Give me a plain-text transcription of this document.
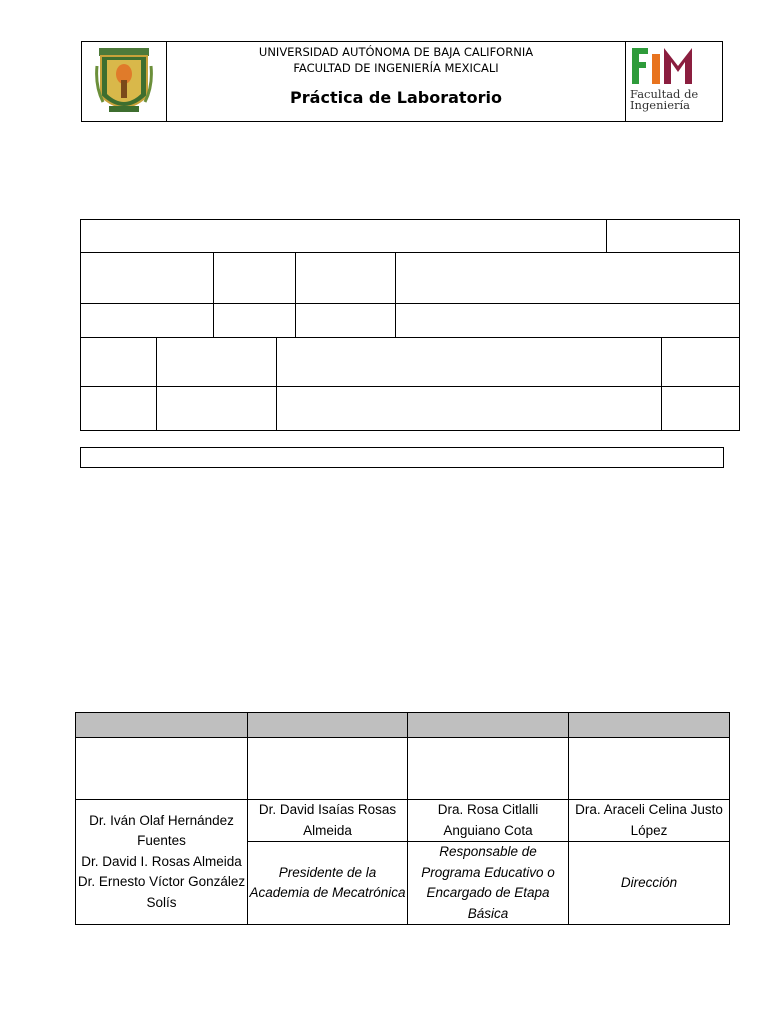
UNIVERSIDAD AUTÓNOMA DE BAJA CALIFORNIA
FACULTAD DE INGENIERÍA MEXICALI
Práctica de Laboratorio	Facultad de
Ingeniería

Dr. Iván Olaf Hernández Fuentes
Dr. David I. Rosas Almeida
Dr. Ernesto Víctor González Solís	Dr. David Isaías Rosas Almeida	Dra. Rosa Citlalli Anguiano Cota	Dra. Araceli Celina Justo López
	Presidente de la Academia de Mecatrónica	Responsable de Programa Educativo o Encargado de Etapa Básica	Dirección
